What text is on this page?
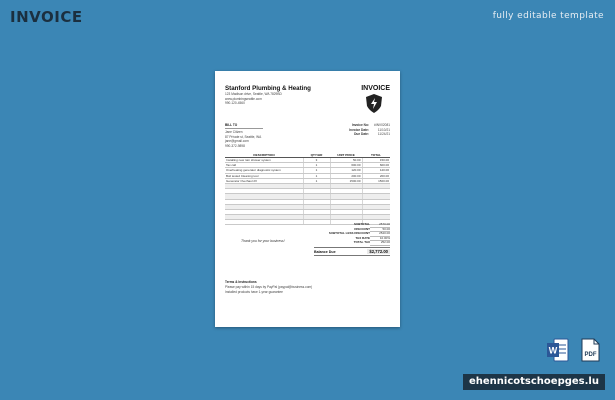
INVOICE	fully editable template
Stanford Plumbing & Heating
123 Madison drive, Seattle, WA 7829BD
www.plumbingseattle.com
990-120-4560
INVOICE
BILL TO
Jane Citizen
87 Private st, Seattle, WA
jane@gmail.com
990-372-9898
Invoice No:	#INV02081
Invoice Date:	11/10/21
Due Date:	11/24/21
DESCRIPTION	QTY/HR	UNIT PRICE	TOTAL
Installing new rain shower system	3	50.00	150.00
Tax call	1	600.00	600.00
Overheating generator diagnostic system	1	120.00	120.00
Boil tested Cleaning tool	1	200.00	200.00
Generator Overhaul 2X	1	1500.00	1500.00

SUBTOTAL	2570.00
DISCOUNT	50.00
SUBTOTAL LESS DISCOUNT	2520.00
TAX RATE	10.00%
TOTAL TAX	252.00
Thank you for your business!
Balance Due	$2,772.00
Terms & Instructions
Please pay within 15 days by PayPal (paypal@business.com)
Installed products have 1-year guarantee
W	PDF
ehennicotschoepges.lu
